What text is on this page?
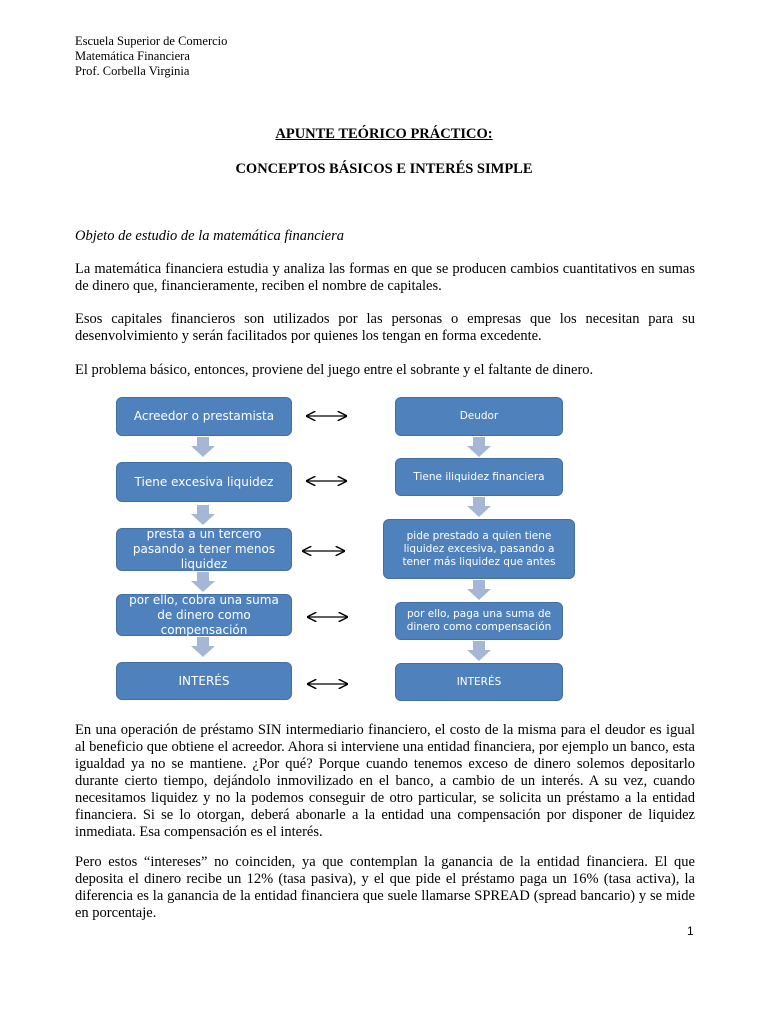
Escuela Superior de Comercio
Matemática Financiera
Prof. Corbella Virginia
APUNTE TEÓRICO PRÁCTICO:
CONCEPTOS BÁSICOS E INTERÉS SIMPLE
Objeto de estudio de la matemática financiera
La matemática financiera estudia y analiza las formas en que se producen cambios cuantitativos en sumas de dinero que, financieramente, reciben el nombre de capitales.
Esos capitales financieros son utilizados por las personas o empresas que los necesitan para su desenvolvimiento y serán facilitados por quienes los tengan en forma excedente.
El problema básico, entonces, proviene del juego entre el sobrante y el faltante de dinero.
Acreedor o prestamista
Tiene excesiva liquidez
presta a un tercero pasando a tener menos liquidez
por ello, cobra una suma de dinero como compensación
INTERÉS
Deudor
Tiene iliquidez financiera
pide prestado a quien tiene liquidez excesiva, pasando a tener más liquidez que antes
por ello, paga una suma de dinero como compensación
INTERÉS
En una operación de préstamo SIN intermediario financiero, el costo de la misma para el deudor es igual al beneficio que obtiene el acreedor. Ahora si interviene una entidad financiera, por ejemplo un banco, esta igualdad ya no se mantiene. ¿Por qué? Porque cuando tenemos exceso de dinero solemos depositarlo durante cierto tiempo, dejándolo inmovilizado en el banco, a cambio de un interés. A su vez, cuando necesitamos liquidez y no la podemos conseguir de otro particular, se solicita un préstamo a la entidad financiera. Si se lo otorgan, deberá abonarle a la entidad una compensación por disponer de liquidez inmediata. Esa compensación es el interés.
Pero estos “intereses” no coinciden, ya que contemplan la ganancia de la entidad financiera. El que deposita el dinero recibe un 12% (tasa pasiva), y el que pide el préstamo paga un 16% (tasa activa), la diferencia es la ganancia de la entidad financiera que suele llamarse SPREAD (spread bancario) y se mide en porcentaje.
1
